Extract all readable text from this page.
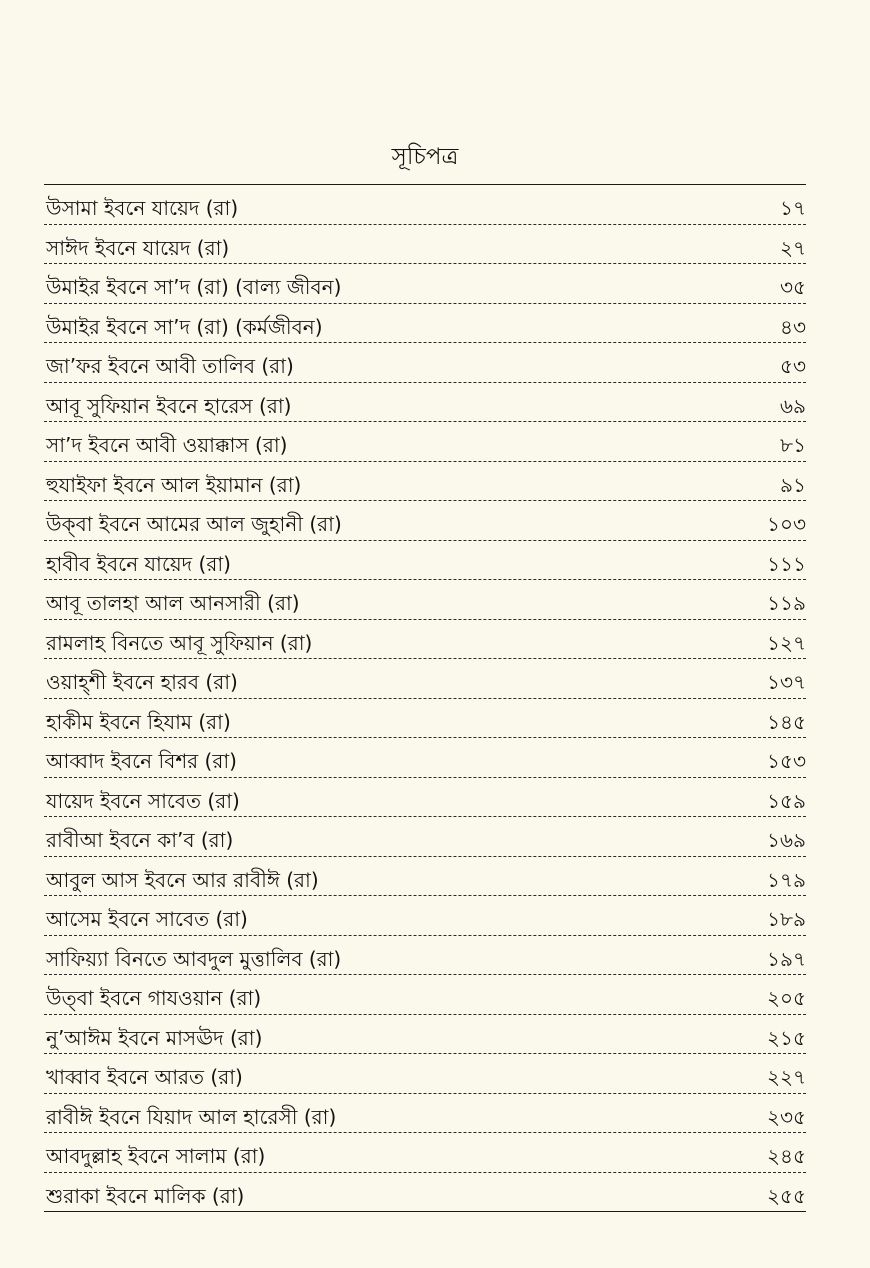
সূচিপত্র
উসামা ইবনে যায়েদ (রা)	১৭
সাঈদ ইবনে যায়েদ (রা)	২৭
উমাইর ইবনে সা’দ (রা) (বাল্য জীবন)	৩৫
উমাইর ইবনে সা’দ (রা) (কর্মজীবন)	৪৩
জা’ফর ইবনে আবী তালিব (রা)	৫৩
আবূ সুফিয়ান ইবনে হারেস (রা)	৬৯
সা’দ ইবনে আবী ওয়াক্কাস (রা)	৮১
হুযাইফা ইবনে আল ইয়ামান (রা)	৯১
উক্‌বা ইবনে আমের আল জুহানী (রা)	১০৩
হাবীব ইবনে যায়েদ (রা)	১১১
আবূ তালহা আল আনসারী (রা)	১১৯
রামলাহ বিনতে আবূ সুফিয়ান (রা)	১২৭
ওয়াহ্‌শী ইবনে হারব (রা)	১৩৭
হাকীম ইবনে হিযাম (রা)	১৪৫
আব্বাদ ইবনে বিশর (রা)	১৫৩
যায়েদ ইবনে সাবেত (রা)	১৫৯
রাবীআ ইবনে কা’ব (রা)	১৬৯
আবুল আস ইবনে আর রাবীঈ (রা)	১৭৯
আসেম ইবনে সাবেত (রা)	১৮৯
সাফিয়্যা বিনতে আবদুল মুত্তালিব (রা)	১৯৭
উত্‌বা ইবনে গাযওয়ান (রা)	২০৫
নু’আঈম ইবনে মাসঊদ (রা)	২১৫
খাব্বাব ইবনে আরত (রা)	২২৭
রাবীঈ ইবনে যিয়াদ আল হারেসী (রা)	২৩৫
আবদুল্লাহ ইবনে সালাম (রা)	২৪৫
শুরাকা ইবনে মালিক (রা)	২৫৫
